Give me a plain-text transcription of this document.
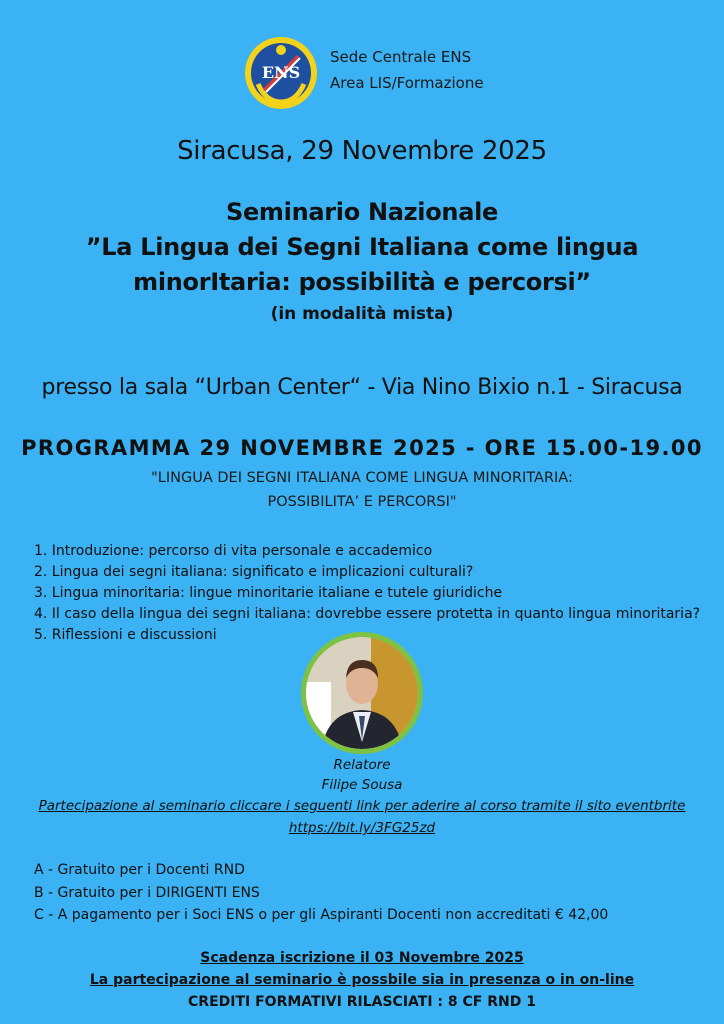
ENS
Sede Centrale ENS
Area LIS/Formazione
Siracusa, 29 Novembre 2025
Seminario Nazionale
”La Lingua dei Segni Italiana come lingua
minorItaria: possibilità e percorsi”
(in modalità mista)
presso la sala “Urban Center“ - Via Nino Bixio n.1 - Siracusa
PROGRAMMA 29 NOVEMBRE 2025 - ORE 15.00-19.00
"LINGUA DEI SEGNI ITALIANA COME LINGUA MINORITARIA:
POSSIBILITA’ E PERCORSI"
1. Introduzione: percorso di vita personale e accademico
2. Lingua dei segni italiana: significato e implicazioni culturali?
3. Lingua minoritaria: lingue minoritarie italiane e tutele giuridiche
4. Il caso della lingua dei segni italiana: dovrebbe essere protetta in quanto lingua minoritaria?
5. Riflessioni e discussioni
Relatore
Filipe Sousa
Partecipazione al seminario cliccare i seguenti link per aderire al corso tramite il sito eventbrite
https://bit.ly/3FG25zd
A - Gratuito per i Docenti RND
B - Gratuito per i DIRIGENTI ENS
C - A pagamento per i Soci ENS o per gli Aspiranti Docenti non accreditati € 42,00
Scadenza iscrizione il 03 Novembre 2025
La partecipazione al seminario è possbile sia in presenza o in on-line
CREDITI FORMATIVI RILASCIATI : 8 CF RND 1
